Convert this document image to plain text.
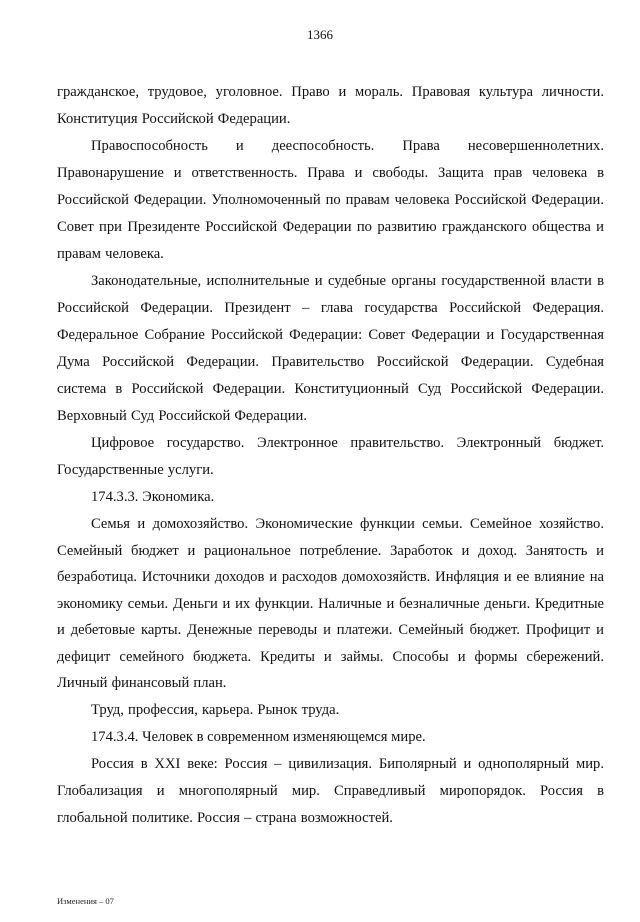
1366

гражданское, трудовое, уголовное. Право и мораль. Правовая культура личности. Конституция Российской Федерации.

Правоспособность и дееспособность. Права несовершеннолетних. Правонарушение и ответственность. Права и свободы. Защита прав человека в Российской Федерации. Уполномоченный по правам человека Российской Федерации. Совет при Президенте Российской Федерации по развитию гражданского общества и правам человека.

Законодательные, исполнительные и судебные органы государственной власти в Российской Федерации. Президент – глава государства Российской Федерация. Федеральное Собрание Российской Федерации: Совет Федерации и Государственная Дума Российской Федерации. Правительство Российской Федерации. Судебная система в Российской Федерации. Конституционный Суд Российской Федерации. Верховный Суд Российской Федерации.

Цифровое государство. Электронное правительство. Электронный бюджет. Государственные услуги.

174.3.3. Экономика.

Семья и домохозяйство. Экономические функции семьи. Семейное хозяйство. Семейный бюджет и рациональное потребление. Заработок и доход. Занятость и безработица. Источники доходов и расходов домохозяйств. Инфляция и ее влияние на экономику семьи. Деньги и их функции. Наличные и безналичные деньги. Кредитные и дебетовые карты. Денежные переводы и платежи. Семейный бюджет. Профицит и дефицит семейного бюджета. Кредиты и займы. Способы и формы сбережений. Личный финансовый план.

Труд, профессия, карьера. Рынок труда.

174.3.4. Человек в современном изменяющемся мире.

Россия в XXI веке: Россия – цивилизация. Биполярный и однополярный мир. Глобализация и многополярный мир. Справедливый миропорядок. Россия в глобальной политике. Россия – страна возможностей.

Изменения – 07
